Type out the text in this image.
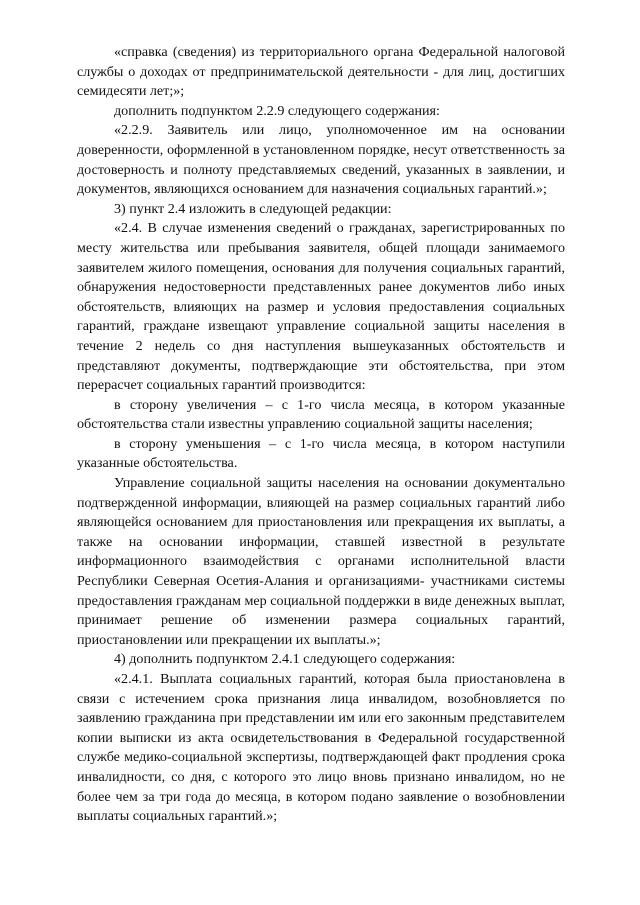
«справка (сведения) из территориального органа Федеральной налоговой службы о доходах от предпринимательской деятельности - для лиц, достигших семидесяти лет;»;

дополнить подпунктом 2.2.9 следующего содержания:

«2.2.9. Заявитель или лицо, уполномоченное им на основании доверенности, оформленной в установленном порядке, несут ответственность за достоверность и полноту представляемых сведений, указанных в заявлении, и документов, являющихся основанием для назначения социальных гарантий.»;

3) пункт 2.4 изложить в следующей редакции:

«2.4. В случае изменения сведений о гражданах, зарегистрированных по месту жительства или пребывания заявителя, общей площади занимаемого заявителем жилого помещения, основания для получения социальных гарантий, обнаружения недостоверности представленных ранее документов либо иных обстоятельств, влияющих на размер и условия предоставления социальных гарантий, граждане извещают управление социальной защиты населения в течение 2 недель со дня наступления вышеуказанных обстоятельств и представляют документы, подтверждающие эти обстоятельства, при этом перерасчет социальных гарантий производится:

в сторону увеличения – с 1-го числа месяца, в котором указанные обстоятельства стали известны управлению социальной защиты населения;

в сторону уменьшения – с 1-го числа месяца, в котором наступили указанные обстоятельства.

Управление социальной защиты населения на основании документально подтвержденной информации, влияющей на размер социальных гарантий либо являющейся основанием для приостановления или прекращения их выплаты, а также на основании информации, ставшей известной в результате информационного взаимодействия с органами исполнительной власти Республики Северная Осетия-Алания и организациями- участниками системы предоставления гражданам мер социальной поддержки в виде денежных выплат, принимает решение об изменении размера социальных гарантий, приостановлении или прекращении их выплаты.»;

4) дополнить подпунктом 2.4.1 следующего содержания:

«2.4.1. Выплата социальных гарантий, которая была приостановлена в связи с истечением срока признания лица инвалидом, возобновляется по заявлению гражданина при представлении им или его законным представителем копии выписки из акта освидетельствования в Федеральной государственной службе медико-социальной экспертизы, подтверждающей факт продления срока инвалидности, со дня, с которого это лицо вновь признано инвалидом, но не более чем за три года до месяца, в котором подано заявление о возобновлении выплаты социальных гарантий.»;
